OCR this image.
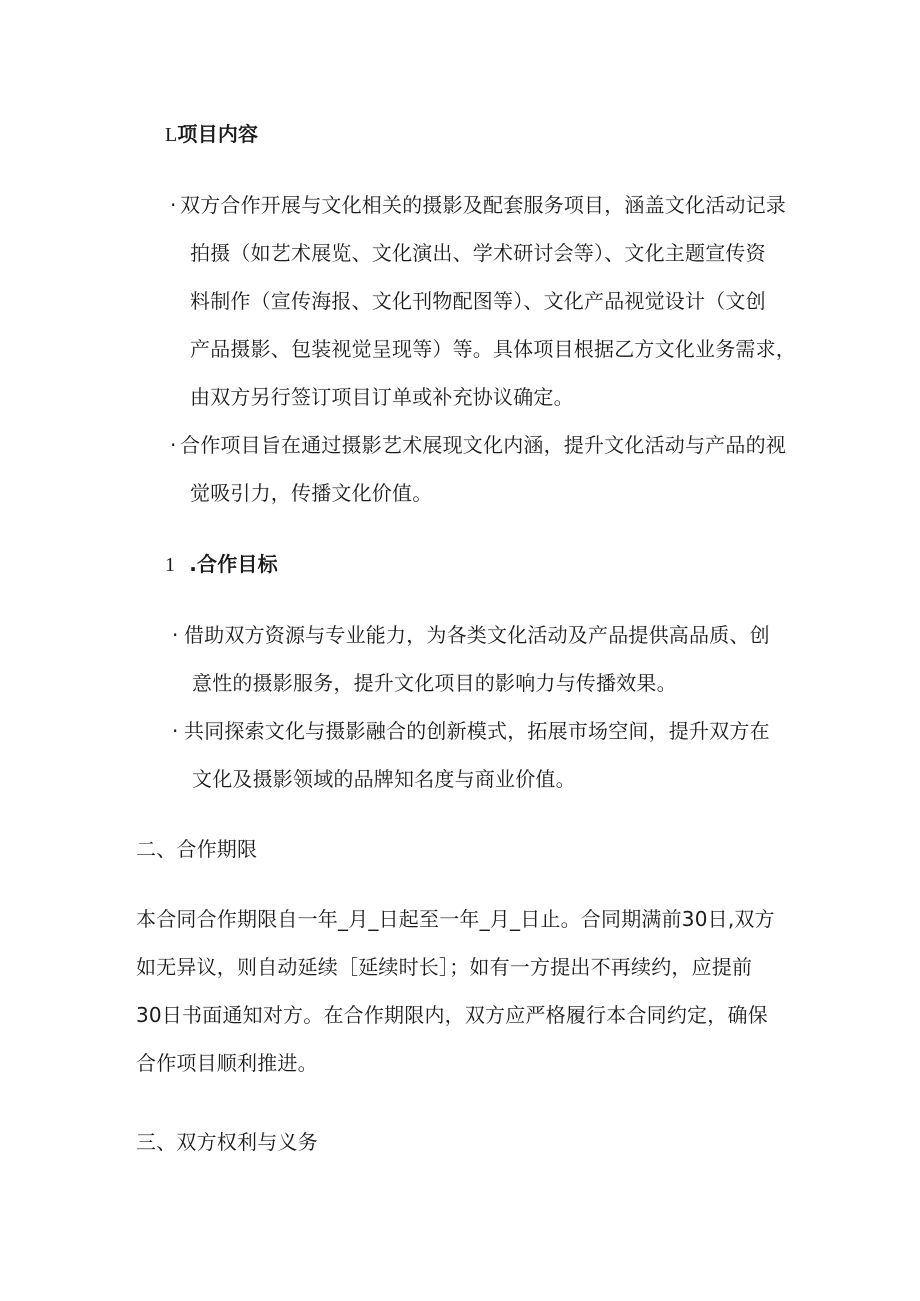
L项目内容
· 双方合作开展与文化相关的摄影及配套服务项目，涵盖文化活动记录
拍摄（如艺术展览、文化演出、学术研讨会等）、文化主题宣传资
料制作（宣传海报、文化刊物配图等）、文化产品视觉设计（文创
产品摄影、包装视觉呈现等）等。具体项目根据乙方文化业务需求，
由双方另行签订项目订单或补充协议确定。
· 合作项目旨在通过摄影艺术展现文化内涵，提升文化活动与产品的视
觉吸引力，传播文化价值。
1 .合作目标
· 借助双方资源与专业能力，为各类文化活动及产品提供高品质、创
意性的摄影服务，提升文化项目的影响力与传播效果。
· 共同探索文化与摄影融合的创新模式，拓展市场空间，提升双方在
文化及摄影领域的品牌知名度与商业价值。
二、合作期限
本合同合作期限自一年_月_日起至一年_月_日止。合同期满前30日,双方
如无异议，则自动延续［延续时长］；如有一方提出不再续约，应提前
30日书面通知对方。在合作期限内，双方应严格履行本合同约定，确保
合作项目顺利推进。
三、双方权利与义务
